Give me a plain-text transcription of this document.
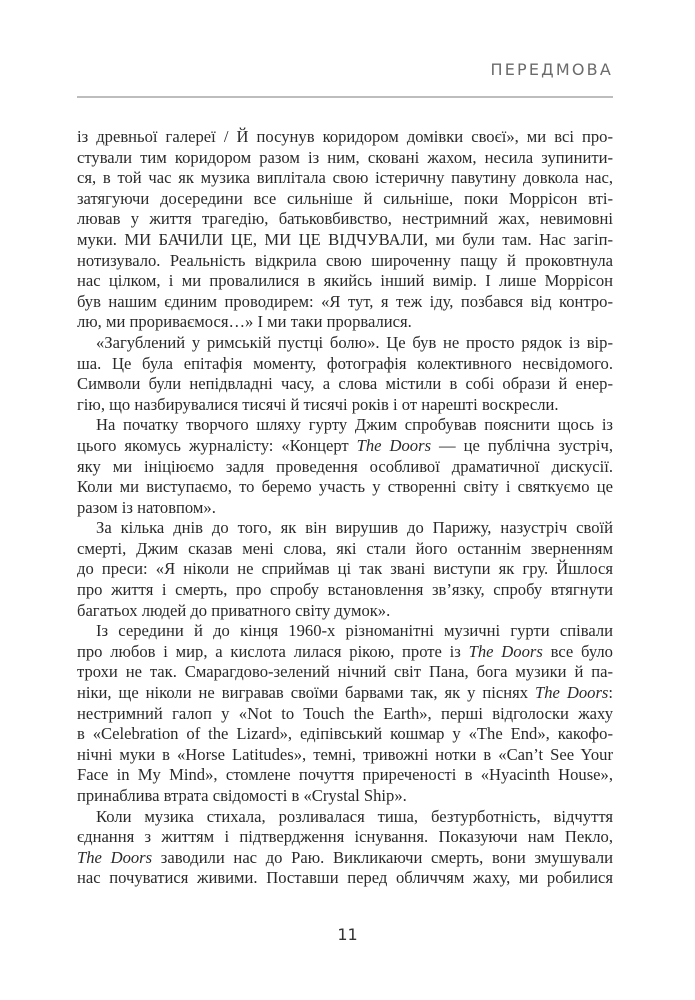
ПЕРЕДМОВА
із древньої галереї / Й посунув коридором домівки своєї», ми всі про-
стували тим коридором разом із ним, скованi жахом, несила зупинити-
ся, в той час як музика виплітала свою істеричну павутину довкола нас,
затягуючи досередини все сильніше й сильніше, поки Моррісон вті-
лював у життя трагедію, батьковбивство, нестримний жах, невимовні
муки. МИ БАЧИЛИ ЦЕ, МИ ЦЕ ВІДЧУВАЛИ, ми були там. Нас загіп-
нотизувало. Реальність відкрила свою широченну пащу й проковтнула
нас цілком, і ми провалилися в якийсь інший вимір. І лише Моррісон
був нашим єдиним проводирем: «Я тут, я теж іду, позбався від контро-
лю, ми прориваємося…» І ми таки прорвалися.
«Загублений у римській пустці болю». Це був не просто рядок із вір-
ша. Це була епітафія моменту, фотографія колективного несвідомого.
Символи були непідвладні часу, а слова містили в собі образи й енер-
гію, що назбирувалися тисячі й тисячі років і от нарешті воскресли.
На початку творчого шляху гурту Джим спробував пояснити щось із
цього якомусь журналісту: «Концерт The Doors — це публічна зустріч,
яку ми ініціюємо задля проведення особливої драматичної дискусії.
Коли ми виступаємо, то беремо участь у створенні світу і святкуємо це
разом із натовпом».
За кілька днів до того, як він вирушив до Парижу, назустріч своїй
смерті, Джим сказав мені слова, які стали його останнім зверненням
до преси: «Я ніколи не сприймав ці так звані виступи як гру. Йшлося
про життя і смерть, про спробу встановлення зв’язку, спробу втягнути
багатьох людей до приватного світу думок».
Із середини й до кінця 1960-х різноманітні музичні гурти співали
про любов і мир, а кислота лилася рікою, проте із The Doors все було
трохи не так. Смарагдово-зелений нічний світ Пана, бога музики й па-
ніки, ще ніколи не вигравав своїми барвами так, як у піснях The Doors:
нестримний галоп у «Not to Touch the Earth», перші відголоски жаху
в «Celebration of the Lizard», едіпівський кошмар у «The End», какофо-
нічні муки в «Horse Latitudes», темні, тривожні нотки в «Can’t See Your
Face in My Mind», стомлене почуття приреченості в «Hyacinth House»,
принаблива втрата свідомості в «Crystal Ship».
Коли музика стихала, розливалася тиша, безтурботність, відчуття
єднання з життям і підтвердження існування. Показуючи нам Пекло,
The Doors заводили нас до Раю. Викликаючи смерть, вони змушували
нас почуватися живими. Поставши перед обличчям жаху, ми робилися
11
